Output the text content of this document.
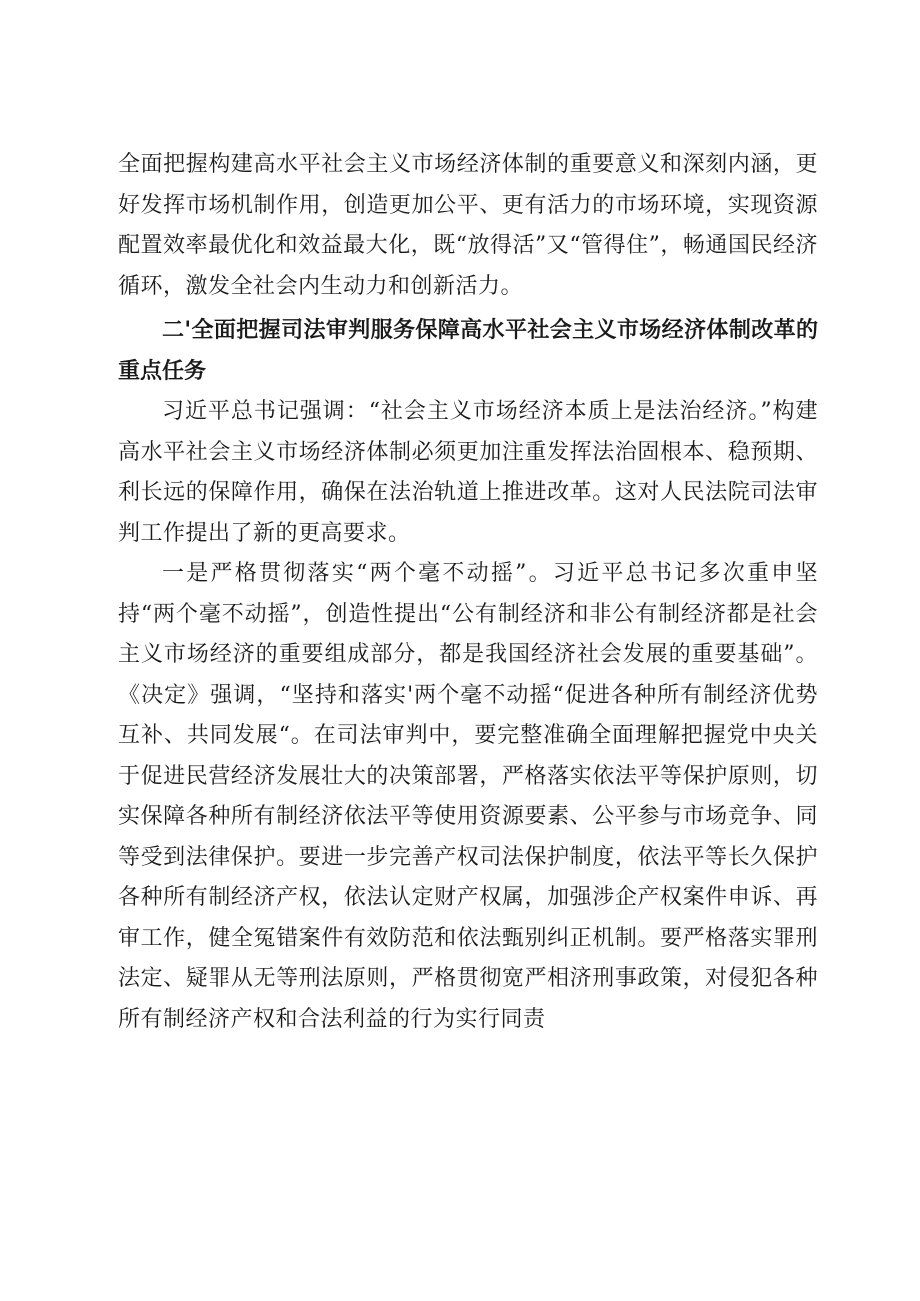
全面把握构建高水平社会主义市场经济体制的重要意义和深刻内涵，更好发挥市场机制作用，创造更加公平、更有活力的市场环境，实现资源配置效率最优化和效益最大化，既“放得活”又“管得住”，畅通国民经济循环，激发全社会内生动力和创新活力。

二'全面把握司法审判服务保障高水平社会主义市场经济体制改革的重点任务

习近平总书记强调：“社会主义市场经济本质上是法治经济。”构建高水平社会主义市场经济体制必须更加注重发挥法治固根本、稳预期、利长远的保障作用，确保在法治轨道上推进改革。这对人民法院司法审判工作提出了新的更高要求。

一是严格贯彻落实“两个毫不动摇”。习近平总书记多次重申坚持“两个毫不动摇”，创造性提出“公有制经济和非公有制经济都是社会主义市场经济的重要组成部分，都是我国经济社会发展的重要基础”。《决定》强调，“坚持和落实'两个毫不动摇“促进各种所有制经济优势互补、共同发展“。在司法审判中，要完整准确全面理解把握党中央关于促进民营经济发展壮大的决策部署，严格落实依法平等保护原则，切实保障各种所有制经济依法平等使用资源要素、公平参与市场竞争、同等受到法律保护。要进一步完善产权司法保护制度，依法平等长久保护各种所有制经济产权，依法认定财产权属，加强涉企产权案件申诉、再审工作，健全冤错案件有效防范和依法甄别纠正机制。要严格落实罪刑法定、疑罪从无等刑法原则，严格贯彻宽严相济刑事政策，对侵犯各种所有制经济产权和合法利益的行为实行同责
